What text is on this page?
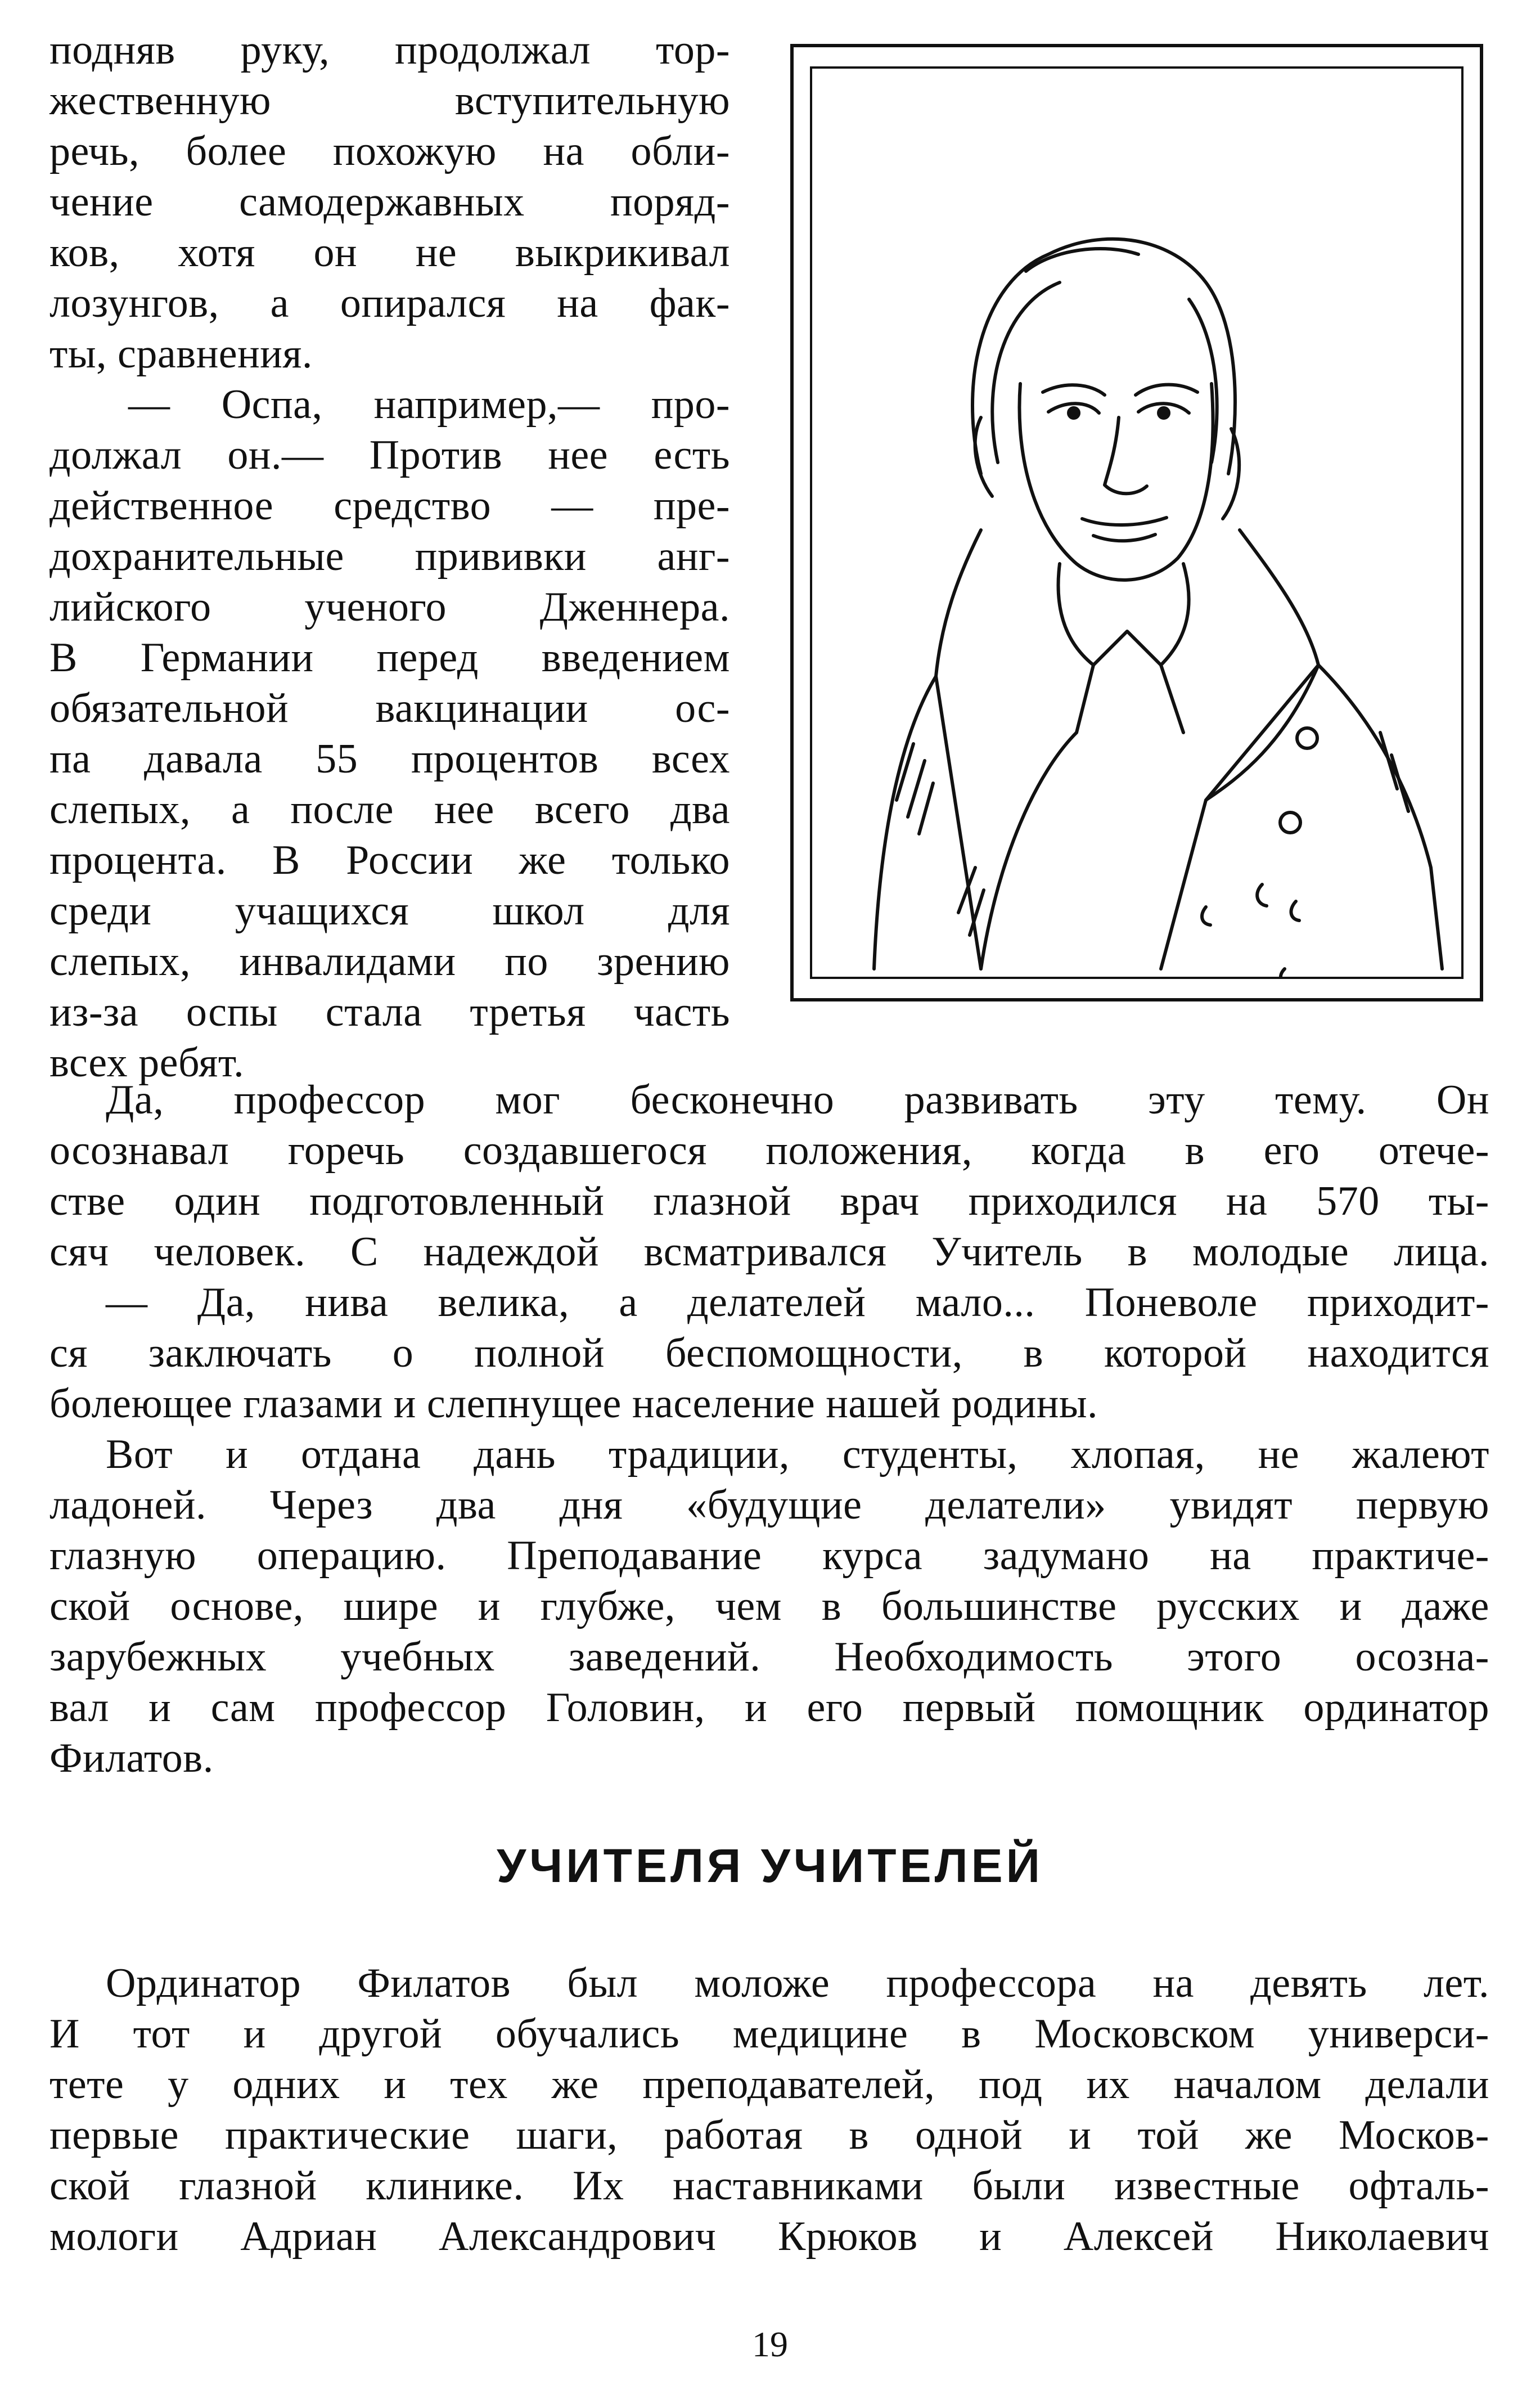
подняв руку, продолжал тор-
жественную	вступительную
речь, более похожую на обли-
чение самодержавных поряд-
ков, хотя он не выкрикивал
лозунгов, а опирался на фак-
ты, сравнения.
— Оспа, например,— про-
должал он.— Против нее есть
действенное средство — пре-
дохранительные прививки анг-
лийского ученого Дженнера.
В Германии перед введением
обязательной вакцинации ос-
па давала 55 процентов всех
слепых, а после нее всего два
процента. В России же только
среди учащихся школ для
слепых, инвалидами по зрению
из-за оспы стала третья часть
всех ребят.
Да, профессор мог бесконечно развивать эту тему. Он
осознавал горечь создавшегося положения, когда в его отече-
стве один подготовленный глазной врач приходился на 570 ты-
сяч человек. С надеждой всматривался Учитель в молодые лица.
— Да, нива велика, а делателей мало... Поневоле приходит-
ся заключать о полной беспомощности, в которой находится
болеющее глазами и слепнущее население нашей родины.
Вот и отдана дань традиции, студенты, хлопая, не жалеют
ладоней. Через два дня «будущие делатели» увидят первую
глазную операцию. Преподавание курса задумано на практиче-
ской основе, шире и глубже, чем в большинстве русских и даже
зарубежных учебных заведений. Необходимость этого осозна-
вал и сам профессор Головин, и его первый помощник ординатор
Филатов.
УЧИТЕЛЯ УЧИТЕЛЕЙ
Ординатор Филатов был моложе профессора на девять лет.
И тот и другой обучались медицине в Московском универси-
тете у одних и тех же преподавателей, под их началом делали
первые практические шаги, работая в одной и той же Москов-
ской глазной клинике. Их наставниками были известные офталь-
мологи Адриан Александрович Крюков и Алексей Николаевич
19
